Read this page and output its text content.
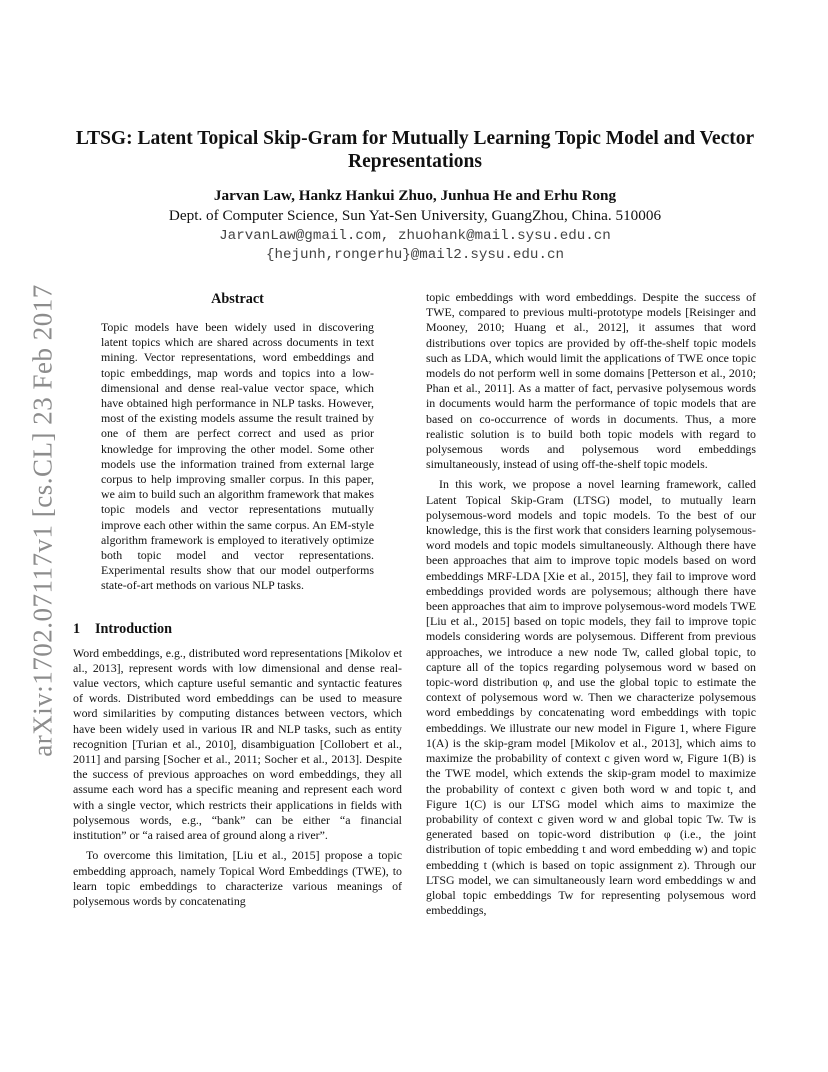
arXiv:1702.07117v1 [cs.CL] 23 Feb 2017
LTSG: Latent Topical Skip-Gram for Mutually Learning Topic Model and Vector Representations

Jarvan Law, Hankz Hankui Zhuo, Junhua He and Erhu Rong

Dept. of Computer Science, Sun Yat-Sen University, GuangZhou, China. 510006

JarvanLaw@gmail.com, zhuohank@mail.sysu.edu.cn

{hejunh,rongerhu}@mail2.sysu.edu.cn

Abstract

Topic models have been widely used in discovering latent topics which are shared across documents in text mining. Vector representations, word embeddings and topic embeddings, map words and topics into a low-dimensional and dense real-value vector space, which have obtained high performance in NLP tasks. However, most of the existing models assume the result trained by one of them are perfect correct and used as prior knowledge for improving the other model. Some other models use the information trained from external large corpus to help improving smaller corpus. In this paper, we aim to build such an algorithm framework that makes topic models and vector representations mutually improve each other within the same corpus. An EM-style algorithm framework is employed to iteratively optimize both topic model and vector representations. Experimental results show that our model outperforms state-of-art methods on various NLP tasks.

1 Introduction

Word embeddings, e.g., distributed word representations [Mikolov et al., 2013], represent words with low dimensional and dense real-value vectors, which capture useful semantic and syntactic features of words. Distributed word embeddings can be used to measure word similarities by computing distances between vectors, which have been widely used in various IR and NLP tasks, such as entity recognition [Turian et al., 2010], disambiguation [Collobert et al., 2011] and parsing [Socher et al., 2011; Socher et al., 2013]. Despite the success of previous approaches on word embeddings, they all assume each word has a specific meaning and represent each word with a single vector, which restricts their applications in fields with polysemous words, e.g., “bank” can be either “a financial institution” or “a raised area of ground along a river”.

To overcome this limitation, [Liu et al., 2015] propose a topic embedding approach, namely Topical Word Embeddings (TWE), to learn topic embeddings to characterize various meanings of polysemous words by concatenating

topic embeddings with word embeddings. Despite the success of TWE, compared to previous multi-prototype models [Reisinger and Mooney, 2010; Huang et al., 2012], it assumes that word distributions over topics are provided by off-the-shelf topic models such as LDA, which would limit the applications of TWE once topic models do not perform well in some domains [Petterson et al., 2010; Phan et al., 2011]. As a matter of fact, pervasive polysemous words in documents would harm the performance of topic models that are based on co-occurrence of words in documents. Thus, a more realistic solution is to build both topic models with regard to polysemous words and polysemous word embeddings simultaneously, instead of using off-the-shelf topic models.

In this work, we propose a novel learning framework, called Latent Topical Skip-Gram (LTSG) model, to mutually learn polysemous-word models and topic models. To the best of our knowledge, this is the first work that considers learning polysemous-word models and topic models simultaneously. Although there have been approaches that aim to improve topic models based on word embeddings MRF-LDA [Xie et al., 2015], they fail to improve word embeddings provided words are polysemous; although there have been approaches that aim to improve polysemous-word models TWE [Liu et al., 2015] based on topic models, they fail to improve topic models considering words are polysemous. Different from previous approaches, we introduce a new node Tw, called global topic, to capture all of the topics regarding polysemous word w based on topic-word distribution φ, and use the global topic to estimate the context of polysemous word w. Then we characterize polysemous word embeddings by concatenating word embeddings with topic embeddings. We illustrate our new model in Figure 1, where Figure 1(A) is the skip-gram model [Mikolov et al., 2013], which aims to maximize the probability of context c given word w, Figure 1(B) is the TWE model, which extends the skip-gram model to maximize the probability of context c given both word w and topic t, and Figure 1(C) is our LTSG model which aims to maximize the probability of context c given word w and global topic Tw. Tw is generated based on topic-word distribution φ (i.e., the joint distribution of topic embedding t and word embedding w) and topic embedding t (which is based on topic assignment z). Through our LTSG model, we can simultaneously learn word embeddings w and global topic embeddings Tw for representing polysemous word embeddings,
